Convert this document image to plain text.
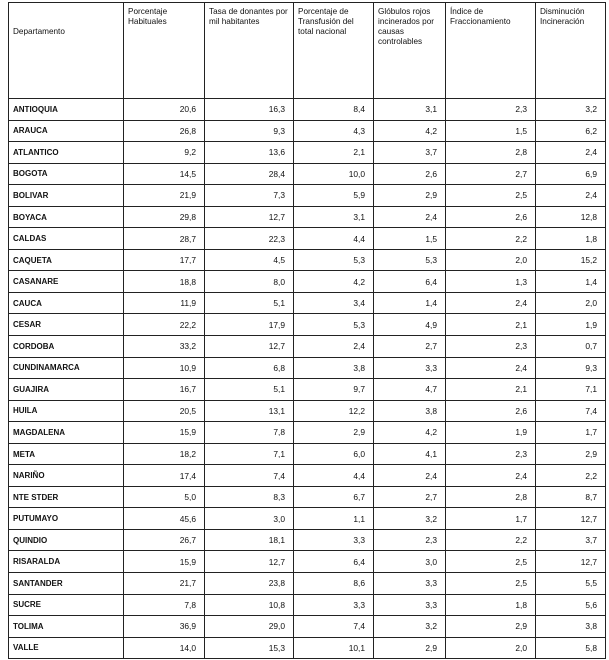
Departamento	Porcentaje Habituales	Tasa de donantes por mil habitantes	Porcentaje de Transfusión del total nacional	Glóbulos rojos incinerados por causas controlables	Índice de Fraccionamiento	Disminución Incineración
ANTIOQUIA	20,6	16,3	8,4	3,1	2,3	3,2
ARAUCA	26,8	9,3	4,3	4,2	1,5	6,2
ATLANTICO	9,2	13,6	2,1	3,7	2,8	2,4
BOGOTA	14,5	28,4	10,0	2,6	2,7	6,9
BOLIVAR	21,9	7,3	5,9	2,9	2,5	2,4
BOYACA	29,8	12,7	3,1	2,4	2,6	12,8
CALDAS	28,7	22,3	4,4	1,5	2,2	1,8
CAQUETA	17,7	4,5	5,3	5,3	2,0	15,2
CASANARE	18,8	8,0	4,2	6,4	1,3	1,4
CAUCA	11,9	5,1	3,4	1,4	2,4	2,0
CESAR	22,2	17,9	5,3	4,9	2,1	1,9
CORDOBA	33,2	12,7	2,4	2,7	2,3	0,7
CUNDINAMARCA	10,9	6,8	3,8	3,3	2,4	9,3
GUAJIRA	16,7	5,1	9,7	4,7	2,1	7,1
HUILA	20,5	13,1	12,2	3,8	2,6	7,4
MAGDALENA	15,9	7,8	2,9	4,2	1,9	1,7
META	18,2	7,1	6,0	4,1	2,3	2,9
NARIÑO	17,4	7,4	4,4	2,4	2,4	2,2
NTE STDER	5,0	8,3	6,7	2,7	2,8	8,7
PUTUMAYO	45,6	3,0	1,1	3,2	1,7	12,7
QUINDIO	26,7	18,1	3,3	2,3	2,2	3,7
RISARALDA	15,9	12,7	6,4	3,0	2,5	12,7
SANTANDER	21,7	23,8	8,6	3,3	2,5	5,5
SUCRE	7,8	10,8	3,3	3,3	1,8	5,6
TOLIMA	36,9	29,0	7,4	3,2	2,9	3,8
VALLE	14,0	15,3	10,1	2,9	2,0	5,8
